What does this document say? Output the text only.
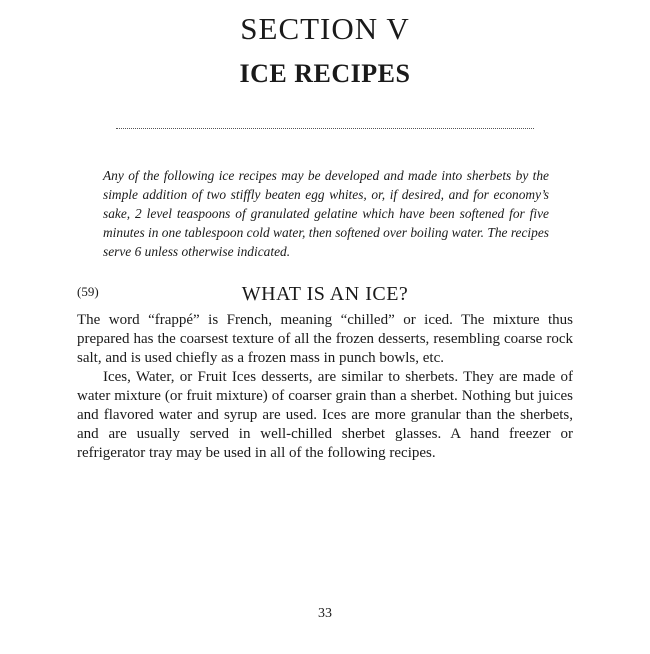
SECTION V
ICE RECIPES

Any of the following ice recipes may be developed and made into sherbets by the simple addition of two stiffly beaten egg whites, or, if desired, and for economy’s sake, 2 level teaspoons of granulated gelatine which have been softened for five minutes in one tablespoon cold water, then softened over boiling water. The recipes serve 6 unless otherwise indicated.

(59)	WHAT IS AN ICE?

The word “frappé” is French, meaning “chilled” or iced. The mixture thus prepared has the coarsest texture of all the frozen desserts, resembling coarse rock salt, and is used chiefly as a frozen mass in punch bowls, etc.

Ices, Water, or Fruit Ices desserts, are similar to sherbets. They are made of water mixture (or fruit mixture) of coarser grain than a sherbet. Nothing but juices and flavored water and syrup are used. Ices are more granular than the sherbets, and are usually served in well-chilled sherbet glasses. A hand freezer or refrigerator tray may be used in all of the following recipes.

33
